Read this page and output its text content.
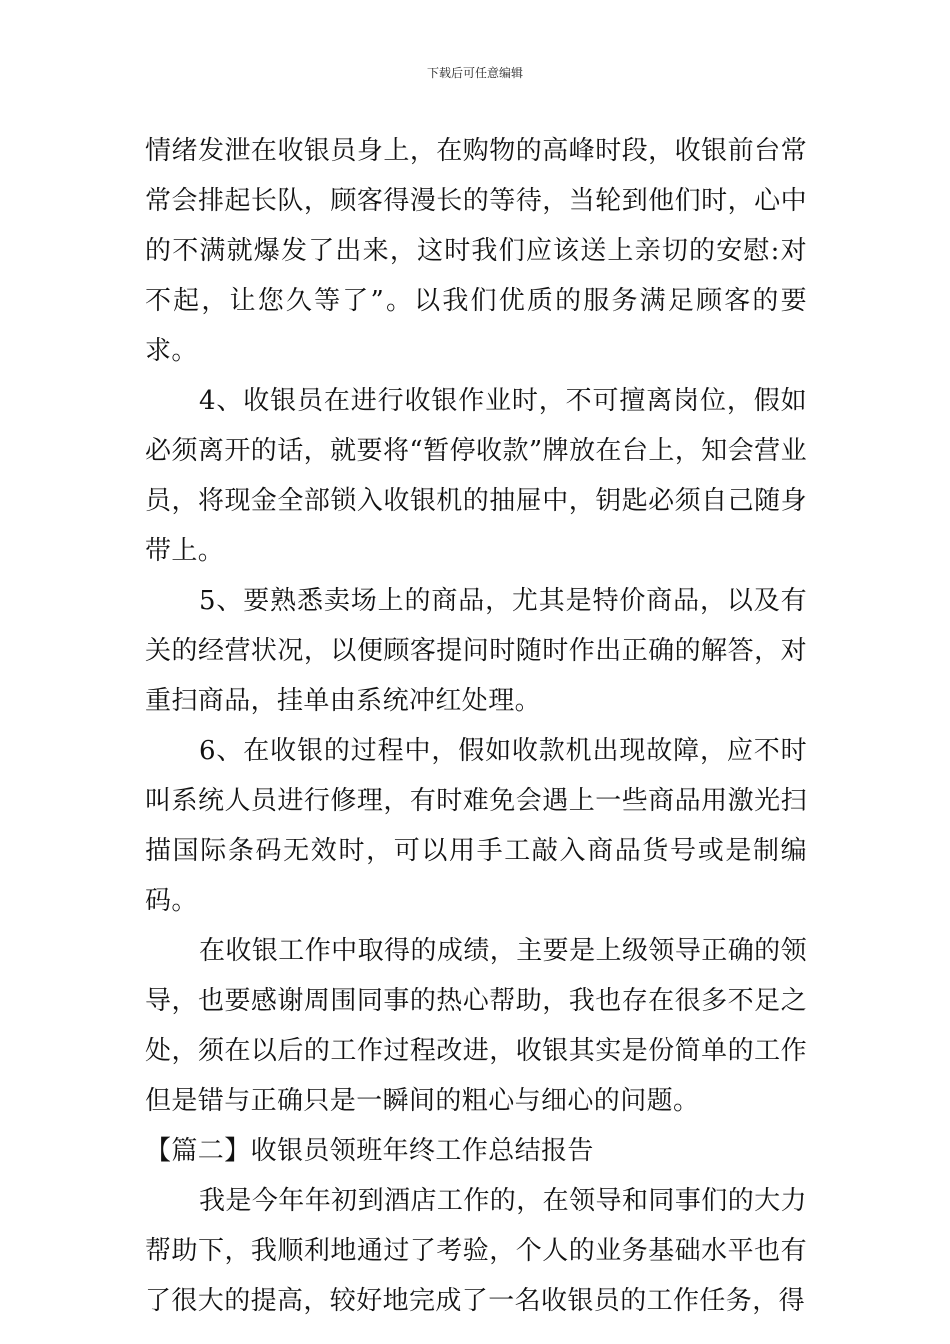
下载后可任意编辑

情绪发泄在收银员身上，在购物的高峰时段，收银前台常常会排起长队，顾客得漫长的等待，当轮到他们时，心中的不满就爆发了出来，这时我们应该送上亲切的安慰:对不起，让您久等了”。以我们优质的服务满足顾客的要求。

4、收银员在进行收银作业时，不可擅离岗位，假如必须离开的话，就要将“暂停收款”牌放在台上，知会营业员，将现金全部锁入收银机的抽屉中，钥匙必须自己随身带上。

5、要熟悉卖场上的商品，尤其是特价商品，以及有关的经营状况，以便顾客提问时随时作出正确的解答，对重扫商品，挂单由系统冲红处理。

6、在收银的过程中，假如收款机出现故障，应不时叫系统人员进行修理，有时难免会遇上一些商品用激光扫描国际条码无效时，可以用手工敲入商品货号或是制编码。

在收银工作中取得的成绩，主要是上级领导正确的领导，也要感谢周围同事的热心帮助，我也存在很多不足之处，须在以后的工作过程改进，收银其实是份简单的工作但是错与正确只是一瞬间的粗心与细心的问题。

【篇二】收银员领班年终工作总结报告

我是今年年初到酒店工作的，在领导和同事们的大力帮助下，我顺利地通过了考验，个人的业务基础水平也有了很大的提高，较好地完成了一名收银员的工作任务，得
